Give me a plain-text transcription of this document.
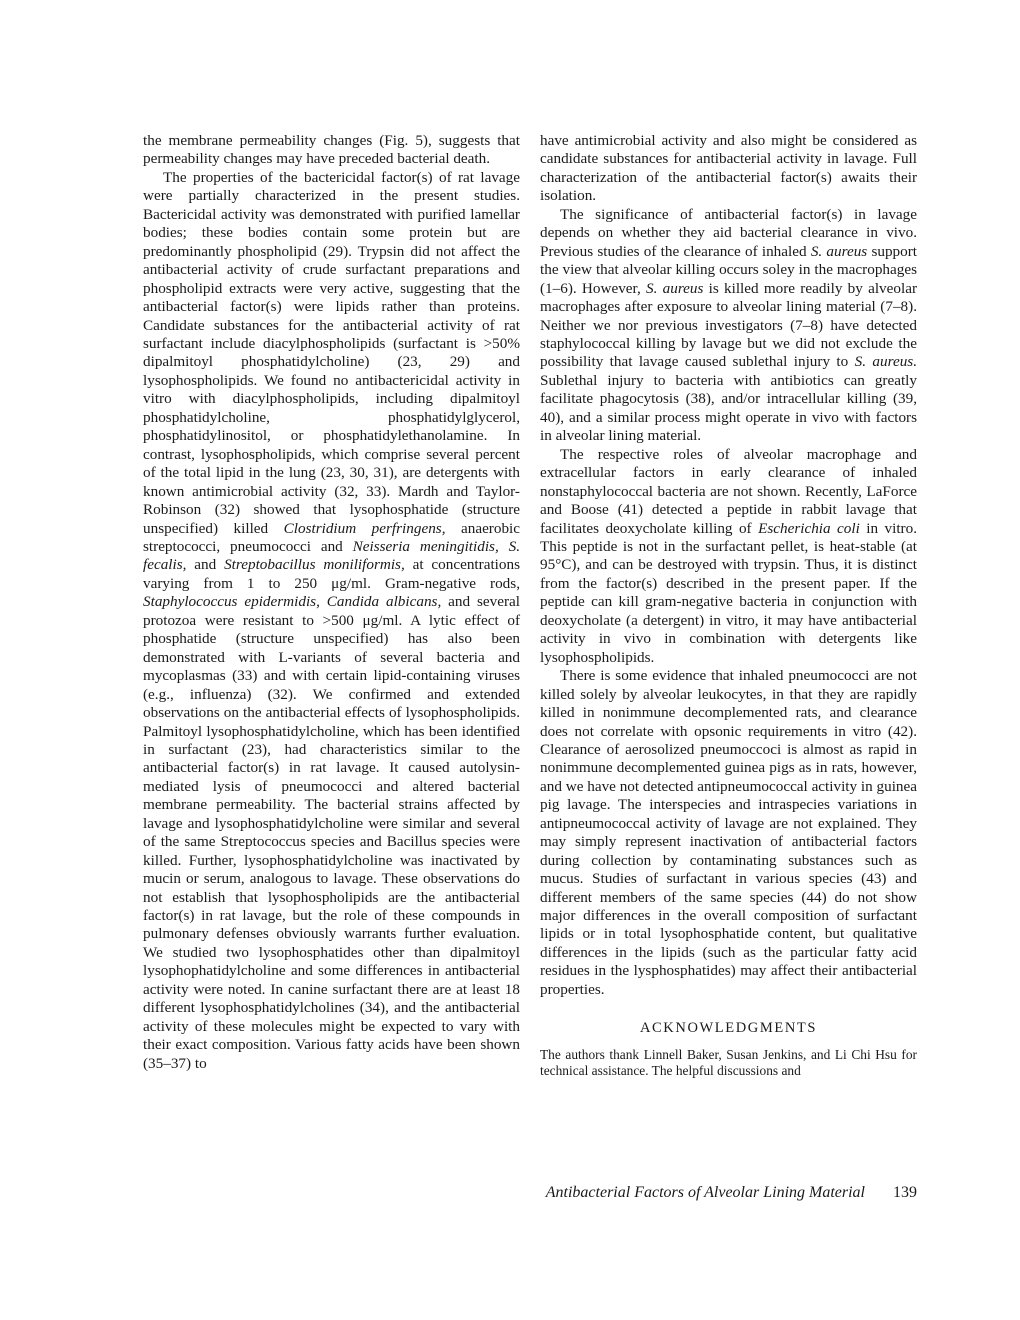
the membrane permeability changes (Fig. 5), suggests that permeability changes may have preceded bacterial death.

The properties of the bactericidal factor(s) of rat lavage were partially characterized in the present studies. Bactericidal activity was demonstrated with purified lamellar bodies; these bodies contain some protein but are predominantly phospholipid (29). Trypsin did not affect the antibacterial activity of crude surfactant preparations and phospholipid extracts were very active, suggesting that the antibacterial factor(s) were lipids rather than proteins. Candidate substances for the antibacterial activity of rat surfactant include diacylphospholipids (surfactant is >50% dipalmitoyl phosphatidylcholine) (23, 29) and lysophospholipids. We found no antibactericidal activity in vitro with diacylphospholipids, including dipalmitoyl phosphatidylcholine, phosphatidylglycerol, phosphatidylinositol, or phosphatidylethanolamine. In contrast, lysophospholipids, which comprise several percent of the total lipid in the lung (23, 30, 31), are detergents with known antimicrobial activity (32, 33). Mardh and Taylor-Robinson (32) showed that lysophosphatide (structure unspecified) killed Clostridium perfringens, anaerobic streptococci, pneumococci and Neisseria meningitidis, S. fecalis, and Streptobacillus moniliformis, at concentrations varying from 1 to 250 μg/ml. Gram-negative rods, Staphylococcus epidermidis, Candida albicans, and several protozoa were resistant to >500 μg/ml. A lytic effect of phosphatide (structure unspecified) has also been demonstrated with L-variants of several bacteria and mycoplasmas (33) and with certain lipid-containing viruses (e.g., influenza) (32). We confirmed and extended observations on the antibacterial effects of lysophospholipids. Palmitoyl lysophosphatidylcholine, which has been identified in surfactant (23), had characteristics similar to the antibacterial factor(s) in rat lavage. It caused autolysin-mediated lysis of pneumococci and altered bacterial membrane permeability. The bacterial strains affected by lavage and lysophosphatidylcholine were similar and several of the same Streptococcus species and Bacillus species were killed. Further, lysophosphatidylcholine was inactivated by mucin or serum, analogous to lavage. These observations do not establish that lysophospholipids are the antibacterial factor(s) in rat lavage, but the role of these compounds in pulmonary defenses obviously warrants further evaluation. We studied two lysophosphatides other than dipalmitoyl lysophophatidylcholine and some differences in antibacterial activity were noted. In canine surfactant there are at least 18 different lysophosphatidylcholines (34), and the antibacterial activity of these molecules might be expected to vary with their exact composition. Various fatty acids have been shown (35–37) to

have antimicrobial activity and also might be considered as candidate substances for antibacterial activity in lavage. Full characterization of the antibacterial factor(s) awaits their isolation.

The significance of antibacterial factor(s) in lavage depends on whether they aid bacterial clearance in vivo. Previous studies of the clearance of inhaled S. aureus support the view that alveolar killing occurs soley in the macrophages (1–6). However, S. aureus is killed more readily by alveolar macrophages after exposure to alveolar lining material (7–8). Neither we nor previous investigators (7–8) have detected staphylococcal killing by lavage but we did not exclude the possibility that lavage caused sublethal injury to S. aureus. Sublethal injury to bacteria with antibiotics can greatly facilitate phagocytosis (38), and/or intracellular killing (39, 40), and a similar process might operate in vivo with factors in alveolar lining material.

The respective roles of alveolar macrophage and extracellular factors in early clearance of inhaled nonstaphylococcal bacteria are not shown. Recently, LaForce and Boose (41) detected a peptide in rabbit lavage that facilitates deoxycholate killing of Escherichia coli in vitro. This peptide is not in the surfactant pellet, is heat-stable (at 95°C), and can be destroyed with trypsin. Thus, it is distinct from the factor(s) described in the present paper. If the peptide can kill gram-negative bacteria in conjunction with deoxycholate (a detergent) in vitro, it may have antibacterial activity in vivo in combination with detergents like lysophospholipids.

There is some evidence that inhaled pneumococci are not killed solely by alveolar leukocytes, in that they are rapidly killed in nonimmune decomplemented rats, and clearance does not correlate with opsonic requirements in vitro (42). Clearance of aerosolized pneumoccoci is almost as rapid in nonimmune decomplemented guinea pigs as in rats, however, and we have not detected antipneumococcal activity in guinea pig lavage. The interspecies and intraspecies variations in antipneumococcal activity of lavage are not explained. They may simply represent inactivation of antibacterial factors during collection by contaminating substances such as mucus. Studies of surfactant in various species (43) and different members of the same species (44) do not show major differences in the overall composition of surfactant lipids or in total lysophosphatide content, but qualitative differences in the lipids (such as the particular fatty acid residues in the lysphosphatides) may affect their antibacterial properties.

ACKNOWLEDGMENTS

The authors thank Linnell Baker, Susan Jenkins, and Li Chi Hsu for technical assistance. The helpful discussions and

Antibacterial Factors of Alveolar Lining Material 139
